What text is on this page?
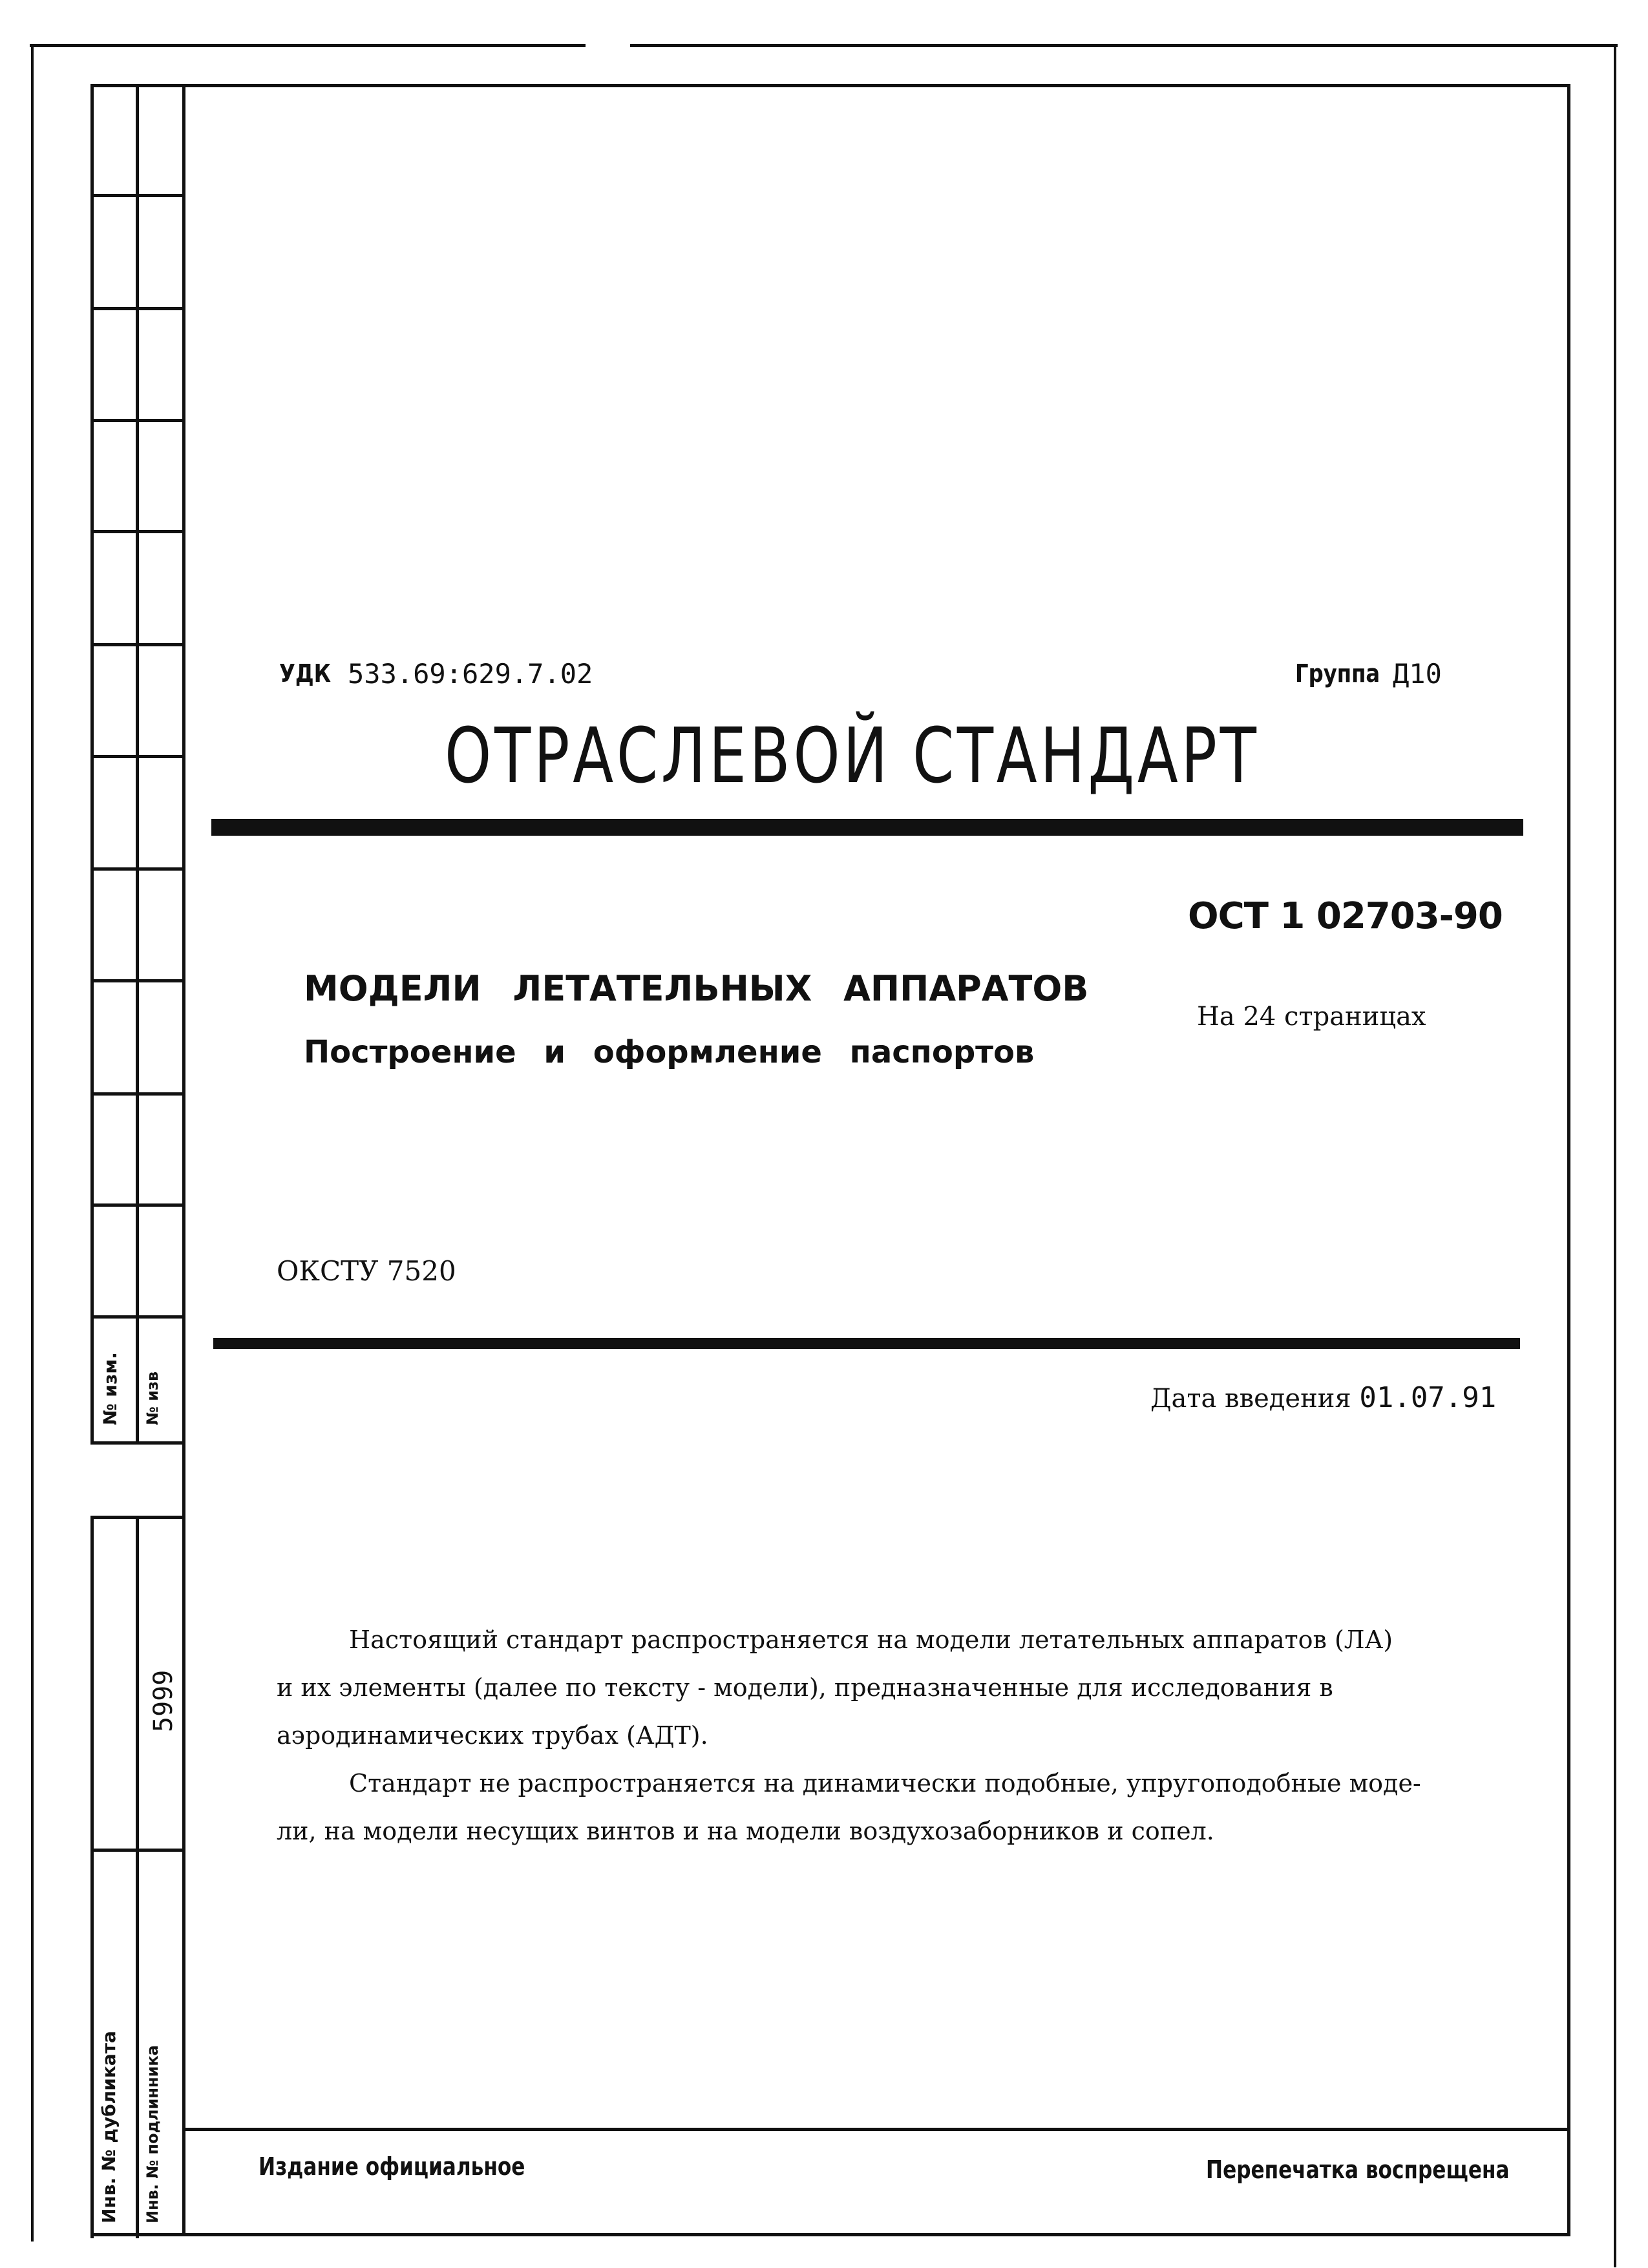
№ изм. № изв
5999
Инв. № дубликата Инв. № подлинника
УДК 533.69:629.7.02	Группа Д10
ОТРАСЛЕВОЙ СТАНДАРТ
ОСТ 1 02703-90
МОДЕЛИ ЛЕТАТЕЛЬНЫХ АППАРАТОВ
Построение и оформление паспортов
На 24 страницах
ОКСТУ 7520
Дата введения 01.07.91
Настоящий стандарт распространяется на модели летательных аппаратов (ЛА)
и их элементы (далее по тексту - модели), предназначенные для исследования в
аэродинамических трубах (АДТ).
Стандарт не распространяется на динамически подобные, упругоподобные моде-
ли, на модели несущих винтов и на модели воздухозаборников и сопел.
Издание официальное	Перепечатка воспрещена
